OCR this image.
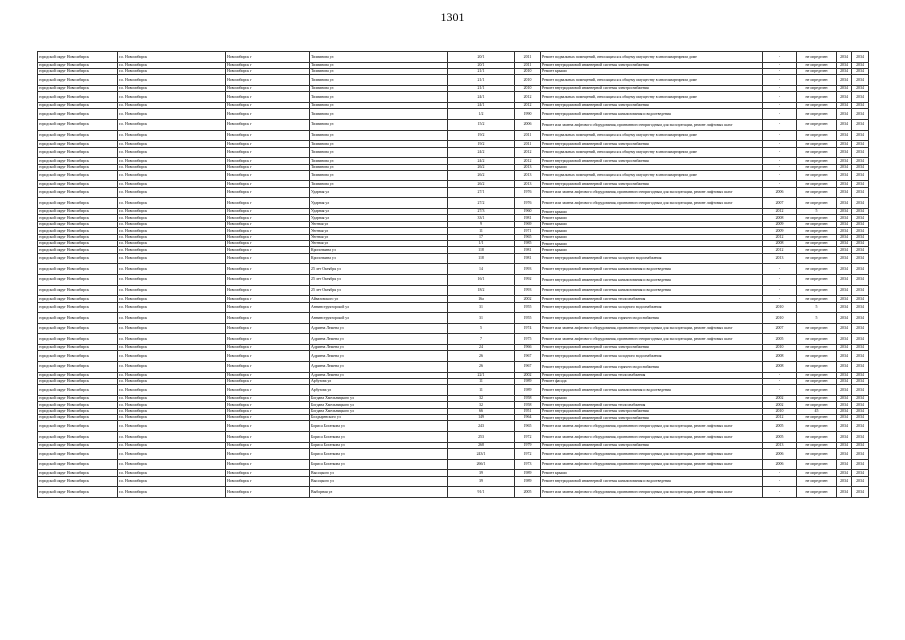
1301
городской округ Новосибирск	г.о. Новосибирск	Новосибирск г	Тихвинова ул	20/1	2011	Ремонт подвальных помещений, относящихся к общему имуществу в многоквартирном доме	-	не определен	2034	2034
городской округ Новосибирск	г.о. Новосибирск	Новосибирск г	Тихвинова ул	20/1	2011	Ремонт внутридомовой инженерной системы электроснабжения	-	не определен	2034	2034
городской округ Новосибирск	г.о. Новосибирск	Новосибирск г	Тихвинова ул	21/1	2010	Ремонт крыши	-	не определен	2034	2034
городской округ Новосибирск	г.о. Новосибирск	Новосибирск г	Тихвинова ул	21/1	2010	Ремонт подвальных помещений, относящихся к общему имуществу в многоквартирном доме	-	не определен	2034	2034
городской округ Новосибирск	г.о. Новосибирск	Новосибирск г	Тихвинова ул	21/1	2010	Ремонт внутридомовой инженерной системы электроснабжения	-	не определен	2034	2034
городской округ Новосибирск	г.о. Новосибирск	Новосибирск г	Тихвинова ул	24/1	2012	Ремонт подвальных помещений, относящихся к общему имуществу в многоквартирном доме	-	не определен	2034	2034
городской округ Новосибирск	г.о. Новосибирск	Новосибирск г	Тихвинова ул	24/1	2012	Ремонт внутридомовой инженерной системы электроснабжения	-	не определен	2034	2034
городской округ Новосибирск	г.о. Новосибирск	Новосибирск г	Тихвинова ул	1/2	1990	Ремонт внутридомовой инженерной системы канализования и водоотведения	-	не определен	2034	2034
городской округ Новосибирск	г.о. Новосибирск	Новосибирск г	Тихвинова ул	15/2	2006	Ремонт или замена лифтового оборудования, признанного непригодным для эксплуатации, ремонт лифтовых шахт	-	не определен	2034	2034
городской округ Новосибирск	г.о. Новосибирск	Новосибирск г	Тихвинова ул	19/2	2011	Ремонт подвальных помещений, относящихся к общему имуществу в многоквартирном доме	-	не определен	2034	2034
городской округ Новосибирск	г.о. Новосибирск	Новосибирск г	Тихвинова ул	19/2	2011	Ремонт внутридомовой инженерной системы электроснабжения	-	не определен	2034	2034
городской округ Новосибирск	г.о. Новосибирск	Новосибирск г	Тихвинова ул	24/2	2012	Ремонт подвальных помещений, относящихся к общему имуществу в многоквартирном доме	-	не определен	2034	2034
городской округ Новосибирск	г.о. Новосибирск	Новосибирск г	Тихвинова ул	24/2	2012	Ремонт внутридомовой инженерной системы электроснабжения	-	не определен	2034	2034
городской округ Новосибирск	г.о. Новосибирск	Новосибирск г	Тихвинова ул	26/2	2013	Ремонт крыши	-	не определен	2034	2034
городской округ Новосибирск	г.о. Новосибирск	Новосибирск г	Тихвинова ул	26/2	2013	Ремонт подвальных помещений, относящихся к общему имуществу в многоквартирном доме	-	не определен	2034	2034
городской округ Новосибирск	г.о. Новосибирск	Новосибирск г	Тихвинова ул	26/2	2013	Ремонт внутридомовой инженерной системы электроснабжения	-	не определен	2034	2034
городской округ Новосибирск	г.о. Новосибирск	Новосибирск г	Ударная ул	27/1	1976	Ремонт или замена лифтового оборудования, признанного непригодным для эксплуатации, ремонт лифтовых шахт	2006	не определен	2034	2034
городской округ Новосибирск	г.о. Новосибирск	Новосибирск г	Ударная ул	27/2	1976	Ремонт или замена лифтового оборудования, признанного непригодным для эксплуатации, ремонт лифтовых шахт	2007	не определен	2034	2034
городской округ Новосибирск	г.о. Новосибирск	Новосибирск г	Ударная ул	27/3	1960	Ремонт крыши	2012	5	2034	2034
городской округ Новосибирск	г.о. Новосибирск	Новосибирск г	Ударная ул	33/1	1981	Ремонт крыши	2008	не определен	2034	2034
городской округ Новосибирск	г.о. Новосибирск	Новосибирск г	Уютная ул	9	1969	Ремонт крыши	2009	не определен	2034	2034
городской округ Новосибирск	г.о. Новосибирск	Новосибирск г	Уютная ул	11	1971	Ремонт крыши	2009	не определен	2034	2034
городской округ Новосибирск	г.о. Новосибирск	Новосибирск г	Уютная ул	17	1965	Ремонт крыши	2012	не определен	2034	2034
городской округ Новосибирск	г.о. Новосибирск	Новосибирск г	Уютная ул	1/1	1985	Ремонт крыши	2008	не определен	2034	2034
городской округ Новосибирск	г.о. Новосибирск	Новосибирск г	Кропоткина ул	118	1981	Ремонт крыши	2012	не определен	2034	2034
городской округ Новосибирск	г.о. Новосибирск	Новосибирск г	Кропоткина ул	118	1981	Ремонт внутридомовой инженерной системы холодного водоснабжения	2013	не определен	2034	2034
городской округ Новосибирск	г.о. Новосибирск	Новосибирск г	25 лет Октября ул	14	1993	Ремонт внутридомовой инженерной системы канализования и водоотведения	-	не определен	2034	2034
городской округ Новосибирск	г.о. Новосибирск	Новосибирск г	25 лет Октября ул	16/1	1992	Ремонт внутридомовой инженерной системы канализования и водоотведения	-	не определен	2034	2034
городской округ Новосибирск	г.о. Новосибирск	Новосибирск г	25 лет Октября ул	18/2	1993	Ремонт внутридомовой инженерной системы канализования и водоотведения	-	не определен	2034	2034
городской округ Новосибирск	г.о. Новосибирск	Новосибирск г	Айвазовского ул	16а	2002	Ремонт внутридомовой инженерной системы теплоснабжения	-	не определен	2034	2034
городской округ Новосибирск	г.о. Новосибирск	Новосибирск г	Аннинструкторской ул	31	1955	Ремонт внутридомовой инженерной системы холодного водоснабжения	2010	5	2034	2034
городской округ Новосибирск	г.о. Новосибирск	Новосибирск г	Аннинструкторской ул	31	1955	Ремонт внутридомовой инженерной системы горячего водоснабжения	2010	5	2034	2034
городской округ Новосибирск	г.о. Новосибирск	Новосибирск г	Адриена Лежена ул	5	1974	Ремонт или замена лифтового оборудования, признанного непригодным для эксплуатации, ремонт лифтовых шахт	2007	не определен	2034	2034
городской округ Новосибирск	г.о. Новосибирск	Новосибирск г	Адриена Лежена ул	7	1975	Ремонт или замена лифтового оборудования, признанного непригодным для эксплуатации, ремонт лифтовых шахт	2005	не определен	2034	2034
городской округ Новосибирск	г.о. Новосибирск	Новосибирск г	Адриена Лежена ул	24	1966	Ремонт внутридомовой инженерной системы электроснабжения	2010	не определен	2034	2034
городской округ Новосибирск	г.о. Новосибирск	Новосибирск г	Адриена Лежена ул	26	1967	Ремонт внутридомовой инженерной системы холодного водоснабжения	2008	не определен	2034	2034
городской округ Новосибирск	г.о. Новосибирск	Новосибирск г	Адриена Лежена ул	26	1967	Ремонт внутридомовой инженерной системы горячего водоснабжения	2008	не определен	2034	2034
городской округ Новосибирск	г.о. Новосибирск	Новосибирск г	Адриена Лежена ул	22/1	2002	Ремонт внутридомовой инженерной системы теплоснабжения	-	не определен	2034	2034
городской округ Новосибирск	г.о. Новосибирск	Новосибирск г	Арбузова ул	11	1989	Ремонт фасада	-	не определен	2034	2034
городской округ Новосибирск	г.о. Новосибирск	Новосибирск г	Арбузова ул	11	1989	Ремонт внутридомовой инженерной системы канализования и водоотведения	-	не определен	2034	2034
городской округ Новосибирск	г.о. Новосибирск	Новосибирск г	Богдана Хмельницкого ул	32	1958	Ремонт крыши	2002	не определен	2034	2034
городской округ Новосибирск	г.о. Новосибирск	Новосибирск г	Богдана Хмельницкого ул	32	1958	Ремонт внутридомовой инженерной системы теплоснабжения	2002	не определен	2034	2034
городской округ Новосибирск	г.о. Новосибирск	Новосибирск г	Богдана Хмельницкого ул	66	1951	Ремонт внутридомовой инженерной системы электроснабжения	2010	45	2034	2034
городской округ Новосибирск	г.о. Новосибирск	Новосибирск г	Болдыревского ул	149	1964	Ремонт внутридомовой инженерной системы электроснабжения	2012	не определен	2034	2034
городской округ Новосибирск	г.о. Новосибирск	Новосибирск г	Бориса Богаткова ул	243	1965	Ремонт или замена лифтового оборудования, признанного непригодным для эксплуатации, ремонт лифтовых шахт	2005	не определен	2034	2034
городской округ Новосибирск	г.о. Новосибирск	Новосибирск г	Бориса Богаткова ул	253	1972	Ремонт или замена лифтового оборудования, признанного непригодным для эксплуатации, ремонт лифтовых шахт	2005	не определен	2034	2034
городской округ Новосибирск	г.о. Новосибирск	Новосибирск г	Бориса Богаткова ул	268	1979	Ремонт внутридомовой инженерной системы электроснабжения	2013	не определен	2034	2034
городской округ Новосибирск	г.о. Новосибирск	Новосибирск г	Бориса Богаткова ул	243/1	1972	Ремонт или замена лифтового оборудования, признанного непригодным для эксплуатации, ремонт лифтовых шахт	2006	не определен	2034	2034
городской округ Новосибирск	г.о. Новосибирск	Новосибирск г	Бориса Богаткова ул	266/1	1973	Ремонт или замена лифтового оборудования, признанного непригодным для эксплуатации, ремонт лифтовых шахт	2006	не определен	2034	2034
городской округ Новосибирск	г.о. Новосибирск	Новосибирск г	Высоцкого ул	39	1989	Ремонт крыши	-	не определен	2034	2034
городской округ Новосибирск	г.о. Новосибирск	Новосибирск г	Высоцкого ул	39	1989	Ремонт внутридомовой инженерной системы канализования и водоотведения	-	не определен	2034	2034
городской округ Новосибирск	г.о. Новосибирск	Новосибирск г	Выборная ул	91/1	2005	Ремонт или замена лифтового оборудования, признанного непригодным для эксплуатации, ремонт лифтовых шахт	-	не определен	2034	2034
